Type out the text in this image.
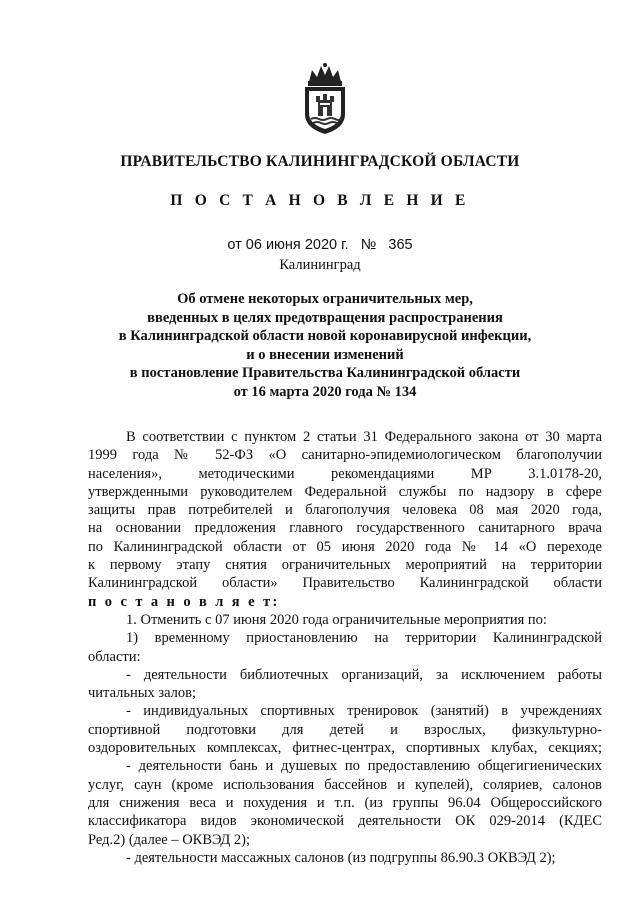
ПРАВИТЕЛЬСТВО КАЛИНИНГРАДСКОЙ ОБЛАСТИ
П О С Т А Н О В Л Е Н И Е
от 06 июня 2020 г. № 365
Калининград
Об отмене некоторых ограничительных мер,
введенных в целях предотвращения распространения
в Калининградской области новой коронавирусной инфекции,
и о внесении изменений
в постановление Правительства Калининградской области
от 16 марта 2020 года № 134
В соответствии с пунктом 2 статьи 31 Федерального закона от 30 марта
1999 года № 52-ФЗ «О санитарно-эпидемиологическом благополучии
населения», методическими рекомендациями МР 3.1.0178-20,
утвержденными руководителем Федеральной службы по надзору в сфере
защиты прав потребителей и благополучия человека 08 мая 2020 года,
на основании предложения главного государственного санитарного врача
по Калининградской области от 05 июня 2020 года № 14 «О переходе
к первому этапу снятия ограничительных мероприятий на территории
Калининградской области» Правительство Калининградской области
п о с т а н о в л я е т:
1. Отменить с 07 июня 2020 года ограничительные мероприятия по:
1) временному приостановлению на территории Калининградской
области:
- деятельности библиотечных организаций, за исключением работы
читальных залов;
- индивидуальных спортивных тренировок (занятий) в учреждениях
спортивной подготовки для детей и взрослых, физкультурно-
оздоровительных комплексах, фитнес-центрах, спортивных клубах, секциях;
- деятельности бань и душевых по предоставлению общегигиенических
услуг, саун (кроме использования бассейнов и купелей), соляриев, салонов
для снижения веса и похудения и т.п. (из группы 96.04 Общероссийского
классификатора видов экономической деятельности ОК 029-2014 (КДЕС
Ред.2) (далее – ОКВЭД 2);
- деятельности массажных салонов (из подгруппы 86.90.3 ОКВЭД 2);
